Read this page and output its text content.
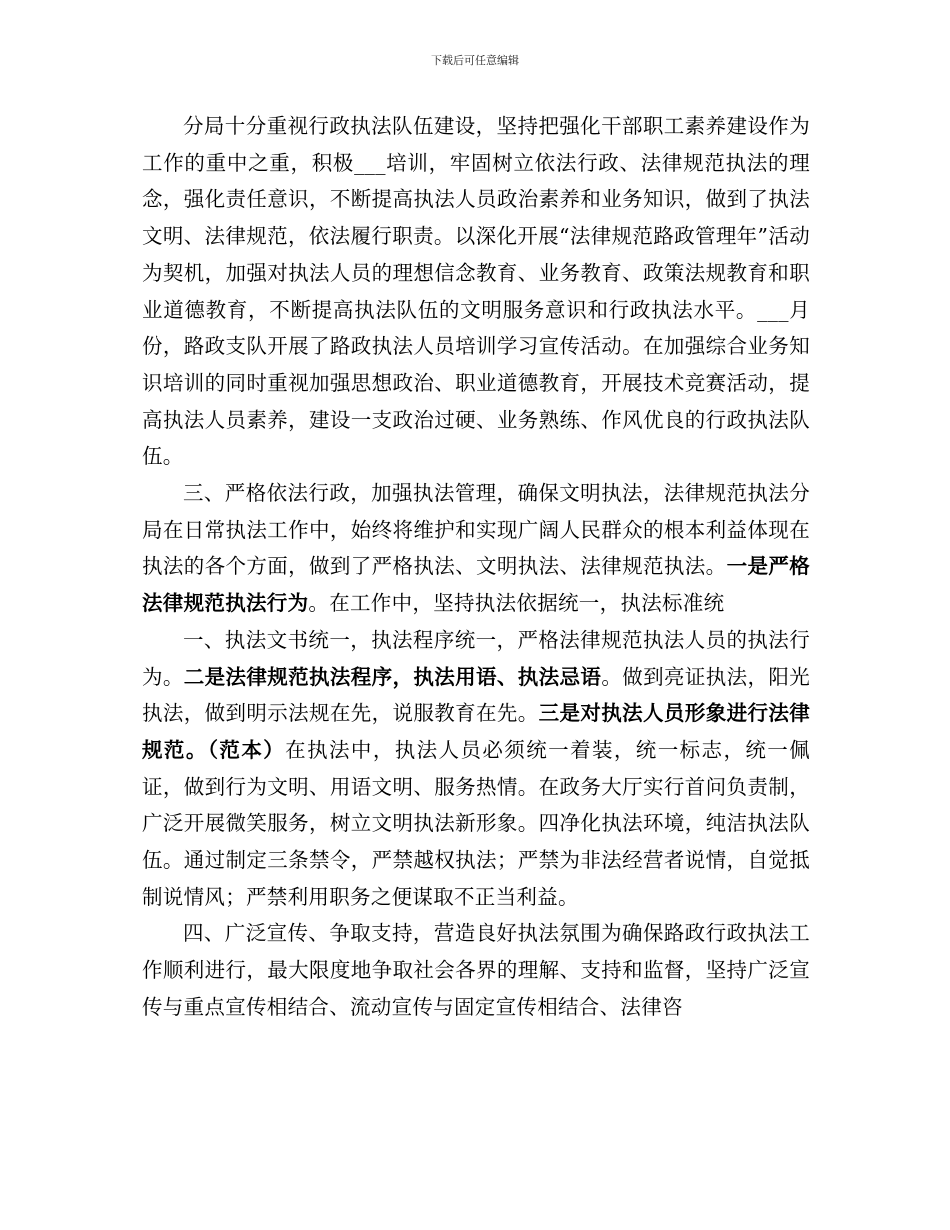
下载后可任意编辑

分局十分重视行政执法队伍建设，坚持把强化干部职工素养建设作为工作的重中之重，积极___培训，牢固树立依法行政、法律规范执法的理念，强化责任意识，不断提高执法人员政治素养和业务知识，做到了执法文明、法律规范，依法履行职责。以深化开展“法律规范路政管理年”活动为契机，加强对执法人员的理想信念教育、业务教育、政策法规教育和职业道德教育，不断提高执法队伍的文明服务意识和行政执法水平。___月份，路政支队开展了路政执法人员培训学习宣传活动。在加强综合业务知识培训的同时重视加强思想政治、职业道德教育，开展技术竞赛活动，提高执法人员素养，建设一支政治过硬、业务熟练、作风优良的行政执法队伍。

三、严格依法行政，加强执法管理，确保文明执法，法律规范执法分局在日常执法工作中，始终将维护和实现广阔人民群众的根本利益体现在执法的各个方面，做到了严格执法、文明执法、法律规范执法。一是严格法律规范执法行为。在工作中，坚持执法依据统一，执法标准统

一、执法文书统一，执法程序统一，严格法律规范执法人员的执法行为。二是法律规范执法程序，执法用语、执法忌语。做到亮证执法，阳光执法，做到明示法规在先，说服教育在先。三是对执法人员形象进行法律规范。（范本）在执法中，执法人员必须统一着装，统一标志，统一佩证，做到行为文明、用语文明、服务热情。在政务大厅实行首问负责制，广泛开展微笑服务，树立文明执法新形象。四净化执法环境，纯洁执法队伍。通过制定三条禁令，严禁越权执法；严禁为非法经营者说情，自觉抵制说情风；严禁利用职务之便谋取不正当利益。

四、广泛宣传、争取支持，营造良好执法氛围为确保路政行政执法工作顺利进行，最大限度地争取社会各界的理解、支持和监督，坚持广泛宣传与重点宣传相结合、流动宣传与固定宣传相结合、法律咨
